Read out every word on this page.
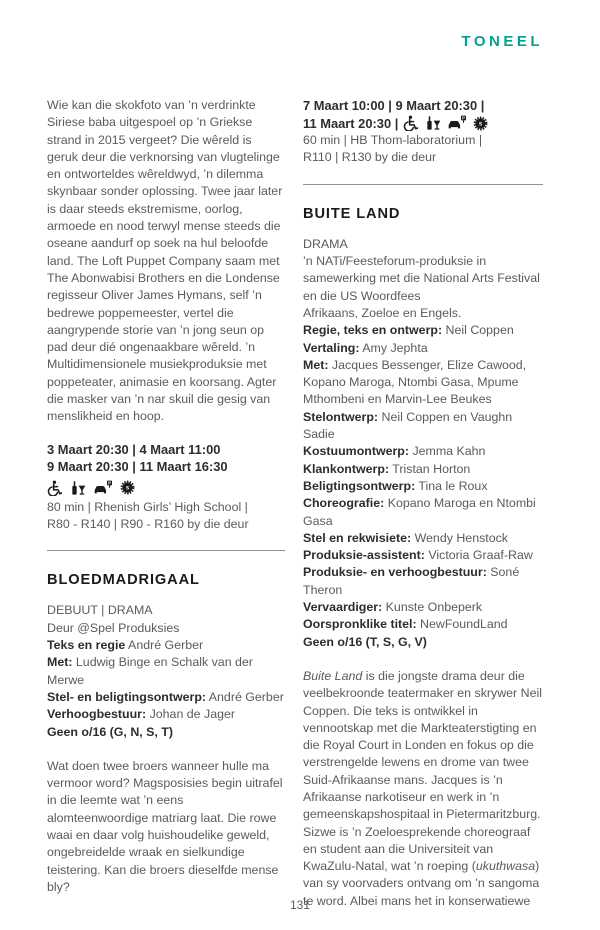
TONEEL

Wie kan die skokfoto van ’n verdrinkte Siriese baba uitgespoel op ’n Griekse strand in 2015 vergeet? Die wêreld is geruk deur die verknorsing van vlugtelinge en ontworteldes wêreldwyd, ’n dilemma skynbaar sonder oplossing. Twee jaar later is daar steeds ekstremisme, oorlog, armoede en nood terwyl mense steeds die oseane aandurf op soek na hul beloofde land. The Loft Puppet Company saam met The Abonwabisi Brothers en die Londense regisseur Oliver James Hymans, self ’n bedrewe poppemeester, vertel die aangrypende storie van ’n jong seun op pad deur dié ongenaakbare wêreld. ’n Multidimensionele musiekproduksie met poppeteater, animasie en koorsang. Agter die masker van ’n nar skuil die gesig van menslikheid en hoop.

3 Maart 20:30 | 4 Maart 11:00
9 Maart 20:30 | 11 Maart 16:30
P
s
80 min | Rhenish Girls’ High School |
R80 - R140 | R90 - R160 by die deur
BLOEDMADRIGAAL
DEBUUT | DRAMA
Deur @Spel Produksies
Teks en regie André Gerber
Met: Ludwig Binge en Schalk van der Merwe
Stel- en beligtingsontwerp: André Gerber
Verhoogbestuur: Johan de Jager
Geen o/16 (G, N, S, T)

Wat doen twee broers wanneer hulle ma vermoor word? Magsposisies begin uitrafel in die leemte wat ’n eens alomteenwoordige matriarg laat. Die rowe waai en daar volg huishoudelike geweld, ongebreidelde wraak en sielkundige teistering. Kan die broers dieselfde mense bly?

7 Maart 10:00 | 9 Maart 20:30 |
11 Maart 20:30 |	P
s
60 min | HB Thom-laboratorium |
R110 | R130 by die deur
BUITE LAND
DRAMA
’n NATi/Feesteforum-produksie in samewerking met die National Arts Festival en die US Woordfees
Afrikaans, Zoeloe en Engels.
Regie, teks en ontwerp: Neil Coppen
Vertaling: Amy Jephta
Met: Jacques Bessenger, Elize Cawood, Kopano Maroga, Ntombi Gasa, Mpume Mthombeni en Marvin-Lee Beukes
Stelontwerp: Neil Coppen en Vaughn Sadie
Kostuumontwerp: Jemma Kahn
Klankontwerp: Tristan Horton
Beligtingsontwerp: Tina le Roux
Choreografie: Kopano Maroga en Ntombi Gasa
Stel en rekwisiete: Wendy Henstock
Produksie-assistent: Victoria Graaf-Raw
Produksie- en verhoogbestuur: Soné Theron
Vervaardiger: Kunste Onbeperk
Oorspronklike titel: NewFoundLand
Geen o/16 (T, S, G, V)
Buite Land is die jongste drama deur die veelbekroonde teatermaker en skrywer Neil Coppen. Die teks is ontwikkel in vennootskap met die Markteaterstigting en die Royal Court in Londen en fokus op die verstrengelde lewens en drome van twee Suid-Afrikaanse mans. Jacques is ’n Afrikaanse narkotiseur en werk in ’n gemeenskapshospitaal in Pietermaritzburg. Sizwe is ’n Zoeloesprekende choreograaf en student aan die Universiteit van KwaZulu-Natal, wat ’n roeping (ukuthwasa) van sy voorvaders ontvang om ’n sangoma te word. Albei mans het in konserwatiewe
131
